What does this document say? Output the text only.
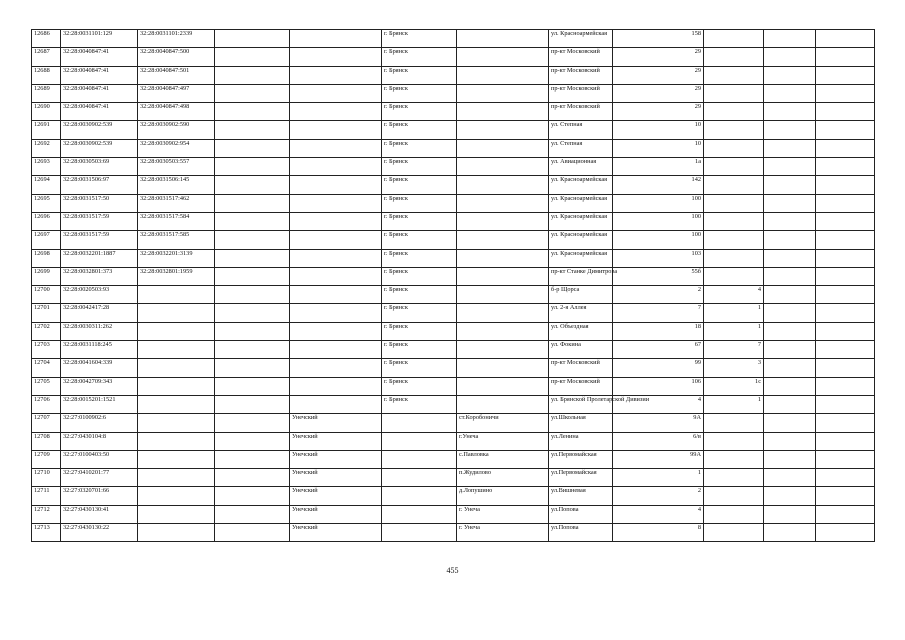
12686	32:28:0031101:129	32:28:0031101:2339			г. Брянск		ул. Красноармейская	158			
12687	32:28:0040847:41	32:28:0040847:500			г. Брянск		пр-кт Московский	29			
12688	32:28:0040847:41	32:28:0040847:501			г. Брянск		пр-кт Московский	29			
12689	32:28:0040847:41	32:28:0040847:497			г. Брянск		пр-кт Московский	29			
12690	32:28:0040847:41	32:28:0040847:498			г. Брянск		пр-кт Московский	29			
12691	32:28:0030902:539	32:28:0030902:590			г. Брянск		ул. Степная	10			
12692	32:28:0030902:539	32:28:0030902:954			г. Брянск		ул. Степная	10			
12693	32:28:0030503:69	32:28:0030503:557			г. Брянск		ул. Авиационная	1а			
12694	32:28:0031506:97	32:28:0031506:145			г. Брянск		ул. Красноармейская	142			
12695	32:28:0031517:50	32:28:0031517:462			г. Брянск		ул. Красноармейская	100			
12696	32:28:0031517:59	32:28:0031517:584			г. Брянск		ул. Красноармейская	100			
12697	32:28:0031517:59	32:28:0031517:585			г. Брянск		ул. Красноармейская	100			
12698	32:28:0032201:1887	32:28:0032201:3139			г. Брянск		ул. Красноармейская	103			
12699	32:28:0032801:373	32:28:0032801:1959			г. Брянск		пр-кт Станке Димитрова	55б			
12700	32:28:0020503:93				г. Брянск		б-р Щорса	2	4		
12701	32:28:0042417:28				г. Брянск		ул. 2-я Аллея	7	1		
12702	32:28:0030311:262				г. Брянск		ул. Объездная	18	1		
12703	32:28:0031118:245				г. Брянск		ул. Фокина	67	7		
12704	32:28:0041604:339				г. Брянск		пр-кт Московский	99	3		
12705	32:28:0042709:343				г. Брянск		пр-кт Московский	106	1с		
12706	32:28:0015201:1521				г. Брянск		ул. Брянской Пролетарской Дивизии	4	1		
12707	32:27:0100902:6			Унечский		ст.Коробоничи	ул.Школьная	9А			
12708	32:27:0430104:8			Унечский		г.Унеча	ул.Ленина	6/в			
12709	32:27:0100403:50			Унечский		с.Павловка	ул.Первомайская	99А			
12710	32:27:0410201:77			Унечский		п.Жудилово	ул.Первомайская	1			
12711	32:27:0320701:66			Унечский		д.Лопушино	ул.Вишневая	2			
12712	32:27:0430130:41			Унечский		г. Унеча	ул.Попова	4			
12713	32:27:0430130:22			Унечский		г. Унеча	ул.Попова	8			
455
